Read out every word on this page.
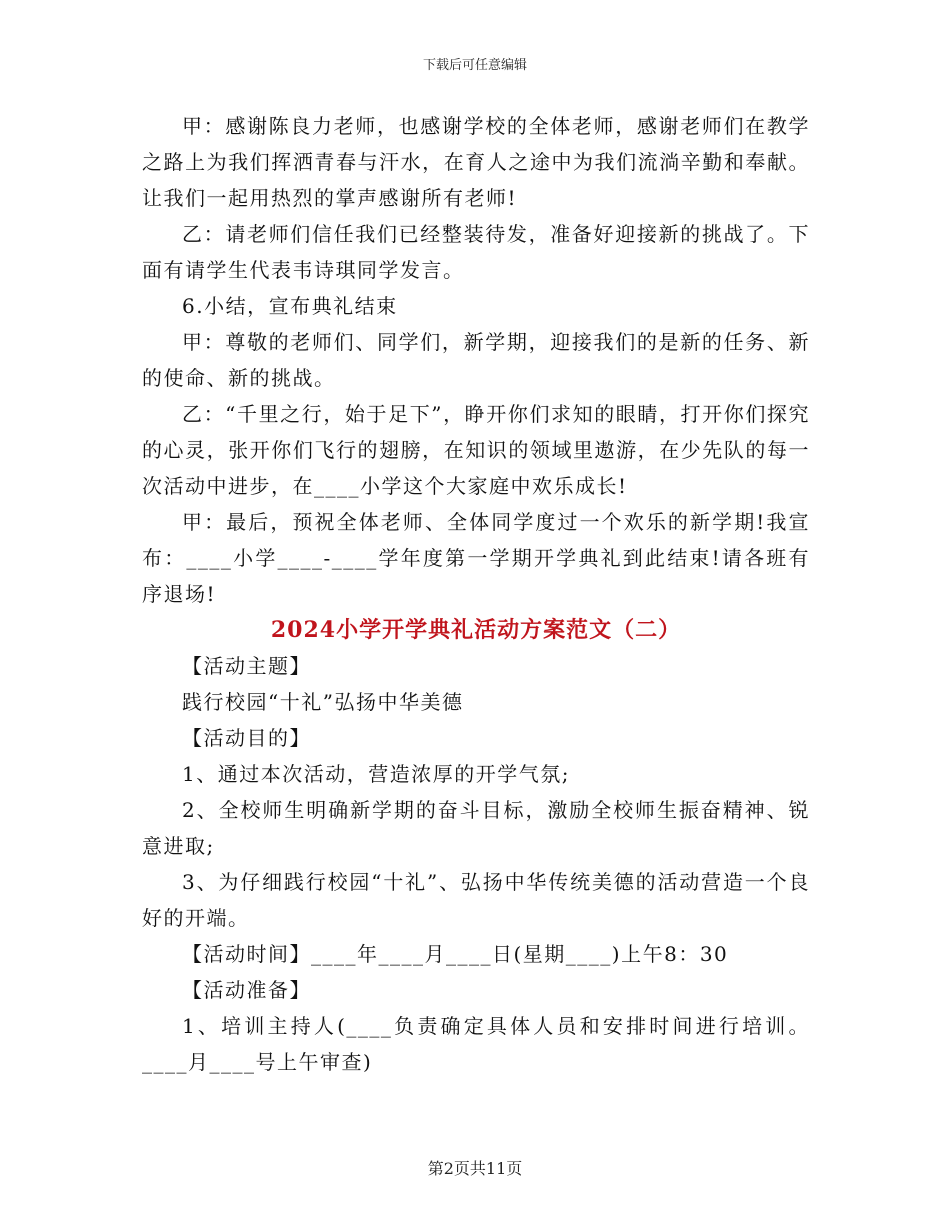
下载后可任意编辑

甲：感谢陈良力老师，也感谢学校的全体老师，感谢老师们在教学之路上为我们挥洒青春与汗水，在育人之途中为我们流淌辛勤和奉献。让我们一起用热烈的掌声感谢所有老师!

乙：请老师们信任我们已经整装待发，准备好迎接新的挑战了。下面有请学生代表韦诗琪同学发言。

6.小结，宣布典礼结束

甲：尊敬的老师们、同学们，新学期，迎接我们的是新的任务、新的使命、新的挑战。

乙：“千里之行，始于足下”，睁开你们求知的眼睛，打开你们探究的心灵，张开你们飞行的翅膀，在知识的领域里遨游，在少先队的每一次活动中进步，在____小学这个大家庭中欢乐成长!

甲：最后，预祝全体老师、全体同学度过一个欢乐的新学期!我宣布：____小学____-____学年度第一学期开学典礼到此结束!请各班有序退场!

2024小学开学典礼活动方案范文（二）

【活动主题】

践行校园“十礼”弘扬中华美德

【活动目的】

1、通过本次活动，营造浓厚的开学气氛;

2、全校师生明确新学期的奋斗目标，激励全校师生振奋精神、锐意进取;

3、为仔细践行校园“十礼”、弘扬中华传统美德的活动营造一个良好的开端。

【活动时间】____年____月____日(星期____)上午8：30

【活动准备】

1、培训主持人(____负责确定具体人员和安排时间进行培训。____月____号上午审查)

第2页共11页
